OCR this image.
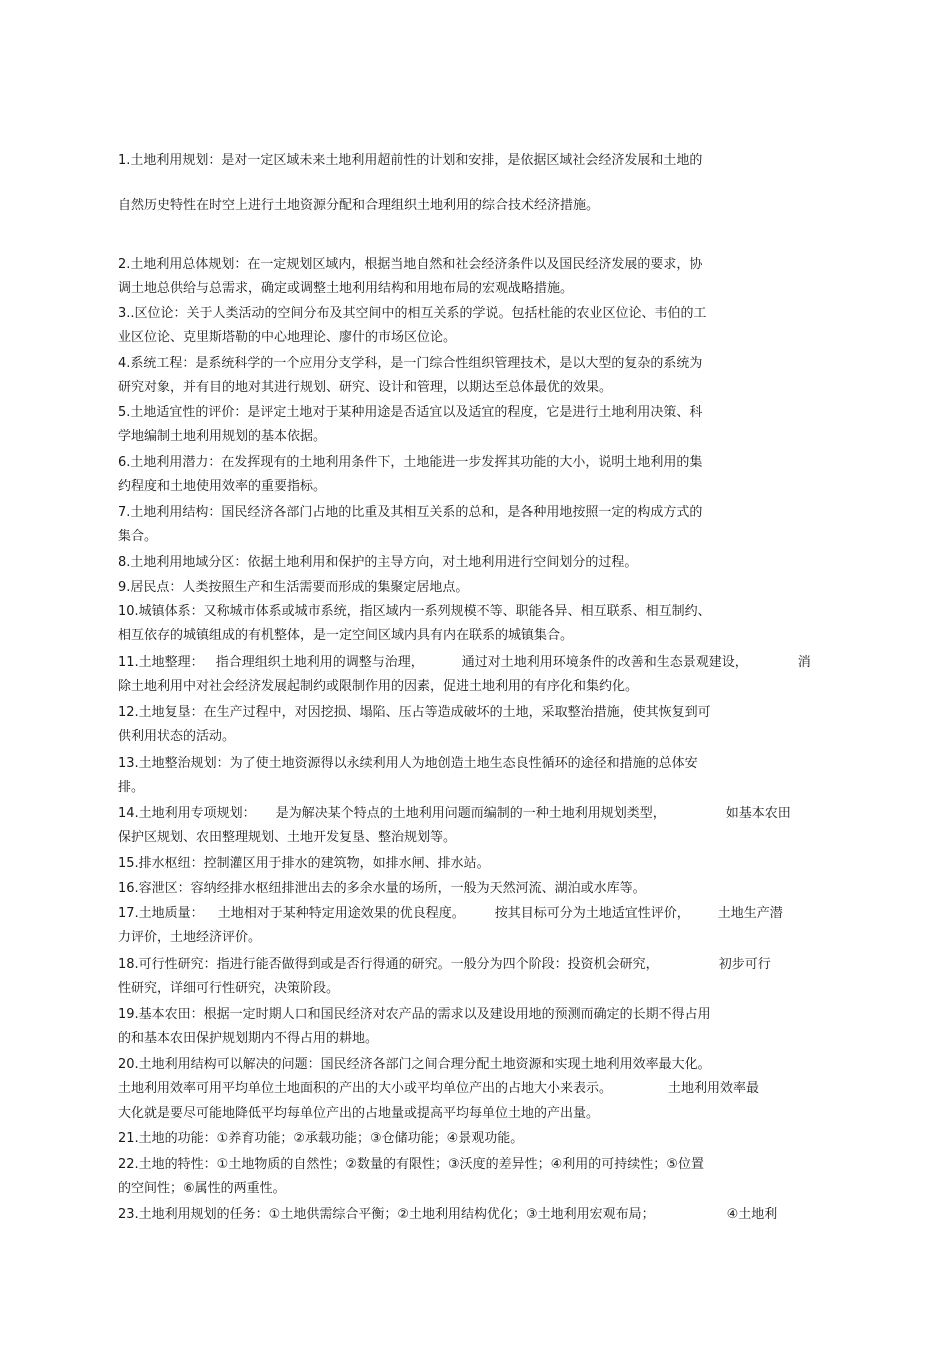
1.土地利用规划：是对一定区域未来土地利用超前性的计划和安排，是依据区域社会经济发展和土地的
自然历史特性在时空上进行土地资源分配和合理组织土地利用的综合技术经济措施。
2.土地利用总体规划：在一定规划区域内，根据当地自然和社会经济条件以及国民经济发展的要求，协
调土地总供给与总需求，确定或调整土地利用结构和用地布局的宏观战略措施。
3..区位论：关于人类活动的空间分布及其空间中的相互关系的学说。包括杜能的农业区位论、韦伯的工
业区位论、克里斯塔勒的中心地理论、廖什的市场区位论。
4.系统工程：是系统科学的一个应用分支学科，是一门综合性组织管理技术，是以大型的复杂的系统为
研究对象，并有目的地对其进行规划、研究、设计和管理，以期达至总体最优的效果。
5.土地适宜性的评价：是评定土地对于某种用途是否适宜以及适宜的程度，它是进行土地利用决策、科
学地编制土地利用规划的基本依据。
6.土地利用潜力：在发挥现有的土地利用条件下，土地能进一步发挥其功能的大小，说明土地利用的集
约程度和土地使用效率的重要指标。
7.土地利用结构：国民经济各部门占地的比重及其相互关系的总和，是各种用地按照一定的构成方式的
集合。
8.土地利用地域分区：依据土地利用和保护的主导方向，对土地利用进行空间划分的过程。
9.居民点：人类按照生产和生活需要而形成的集聚定居地点。
10.城镇体系：又称城市体系或城市系统，指区域内一系列规模不等、职能各异、相互联系、相互制约、
相互依存的城镇组成的有机整体，是一定空间区域内具有内在联系的城镇集合。
11.土地整理： 指合理组织土地利用的调整与治理，	通过对土地利用环境条件的改善和生态景观建设，	消
除土地利用中对社会经济发展起制约或限制作用的因素，促进土地利用的有序化和集约化。
12.土地复垦：在生产过程中，对因挖损、塌陷、压占等造成破坏的土地，采取整治措施，使其恢复到可
供利用状态的活动。
13.土地整治规划：为了使土地资源得以永续利用人为地创造土地生态良性循环的途径和措施的总体安
排。
14.土地利用专项规划： 是为解决某个特点的土地利用问题而编制的一种土地利用规划类型，	如基本农田
保护区规划、农田整理规划、土地开发复垦、整治规划等。
15.排水枢纽：控制灌区用于排水的建筑物，如排水闸、排水站。
16.容泄区：容纳经排水枢纽排泄出去的多余水量的场所，一般为天然河流、湖泊或水库等。
17.土地质量： 土地相对于某种特定用途效果的优良程度。 按其目标可分为土地适宜性评价， 土地生产潜
力评价，土地经济评价。
18.可行性研究：指进行能否做得到或是否行得通的研究。一般分为四个阶段：投资机会研究，	初步可行
性研究，详细可行性研究，决策阶段。
19.基本农田：根据一定时期人口和国民经济对农产品的需求以及建设用地的预测而确定的长期不得占用
的和基本农田保护规划期内不得占用的耕地。
20.土地利用结构可以解决的问题：国民经济各部门之间合理分配土地资源和实现土地利用效率最大化。
土地利用效率可用平均单位土地面积的产出的大小或平均单位产出的占地大小来表示。	土地利用效率最
大化就是要尽可能地降低平均每单位产出的占地量或提高平均每单位土地的产出量。
21.土地的功能：①养育功能；②承载功能；③仓储功能；④景观功能。
22.土地的特性：①土地物质的自然性；②数量的有限性；③沃度的差异性；④利用的可持续性；⑤位置
的空间性；⑥属性的两重性。
23.土地利用规划的任务：①土地供需综合平衡；②土地利用结构优化；③土地利用宏观布局；	④土地利
